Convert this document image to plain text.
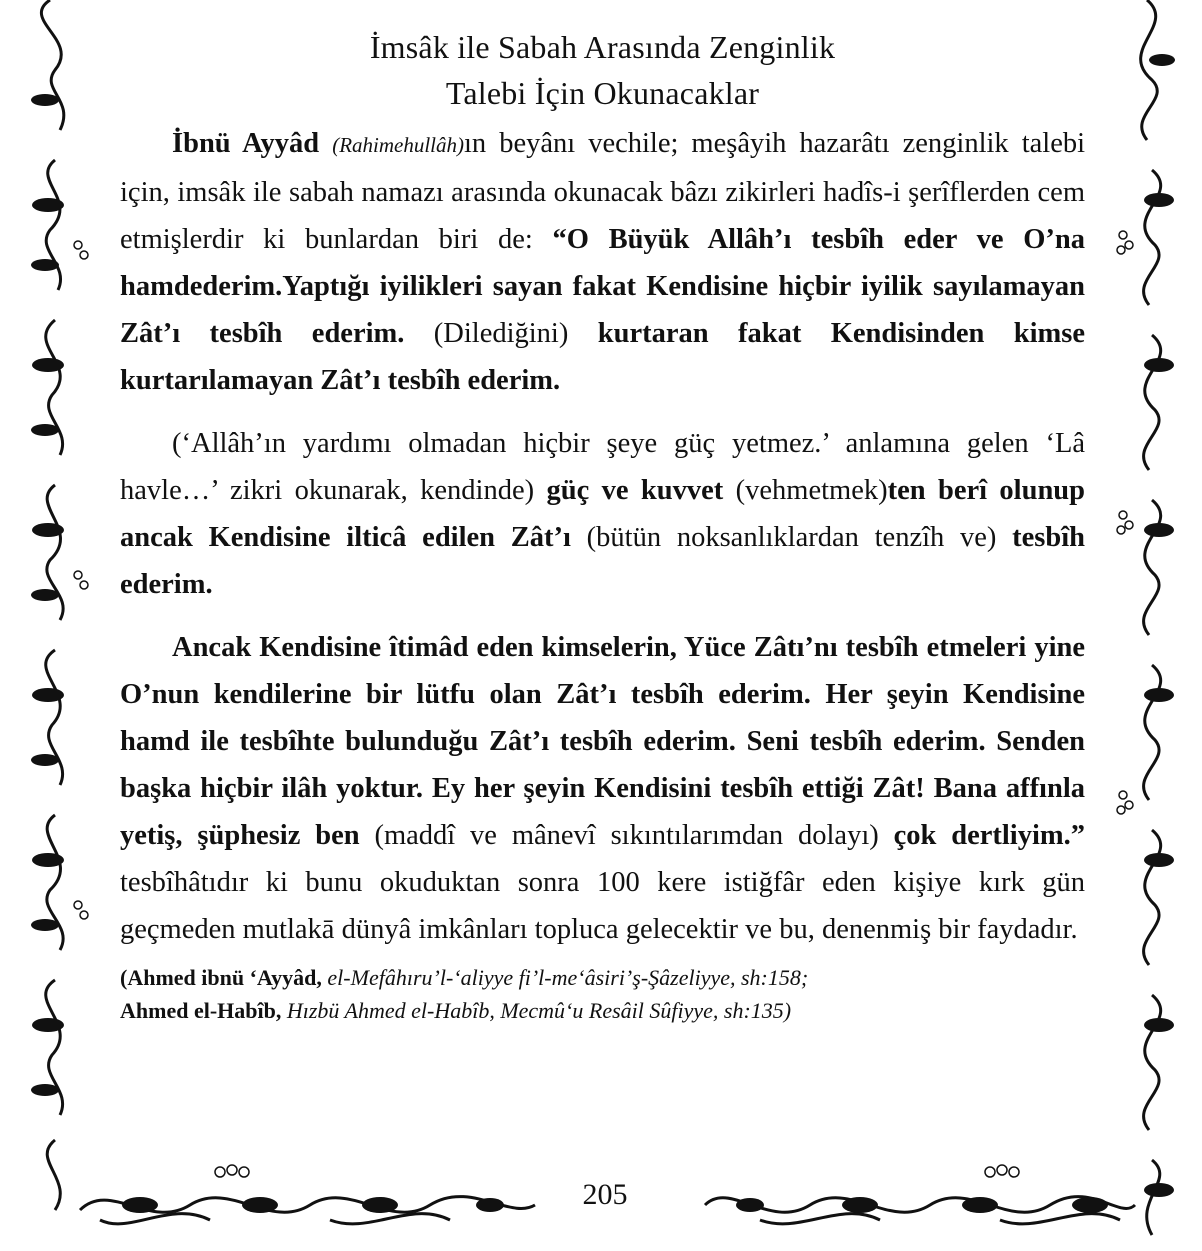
İmsâk ile Sabah Arasında Zenginlik
Talebi İçin Okunacaklar

İbnü Ayyâd (Rahimehullâh)ın beyânı vechile; meşâyih hazarâtı zenginlik talebi için, imsâk ile sabah namazı arasında okunacak bâzı zikirleri hadîs-i şerîflerden cem etmişlerdir ki bunlardan biri de: “O Büyük Allâh’ı tesbîh eder ve O’na hamdederim.Yaptığı iyilikleri sayan fakat Kendisine hiçbir iyilik sayılamayan Zât’ı tesbîh ederim. (Dilediğini) kurtaran fakat Kendisinden kimse kurtarılamayan Zât’ı tesbîh ederim.

(‘Allâh’ın yardımı olmadan hiçbir şeye güç yetmez.’ anlamına gelen ‘Lâ havle…’ zikri okunarak, kendinde) güç ve kuvvet (vehmetmek)ten berî olunup ancak Kendisine ilticâ edilen Zât’ı (bütün noksanlıklardan tenzîh ve) tesbîh ederim.

Ancak Kendisine îtimâd eden kimselerin, Yüce Zâtı’nı tesbîh etmeleri yine O’nun kendilerine bir lütfu olan Zât’ı tesbîh ederim. Her şeyin Kendisine hamd ile tesbîhte bulunduğu Zât’ı tesbîh ederim. Seni tesbîh ederim. Senden başka hiçbir ilâh yoktur. Ey her şeyin Kendisini tesbîh ettiği Zât! Bana affınla yetiş, şüphesiz ben (maddî ve mânevî sıkıntılarımdan dolayı) çok dertliyim.” tesbîhâtıdır ki bunu okuduktan sonra 100 kere istiğfâr eden kişiye kırk gün geçmeden mutlakā dünyâ imkânları topluca gelecektir ve bu, denenmiş bir faydadır.

(Ahmed ibnü ‘Ayyâd, el-Mefâhıru’l-‘aliyye fi’l-me‘âsiri’ş-Şâzeliyye, sh:158;
Ahmed el-Habîb, Hızbü Ahmed el-Habîb, Mecmû‘u Resâil Sûfiyye, sh:135)
205
